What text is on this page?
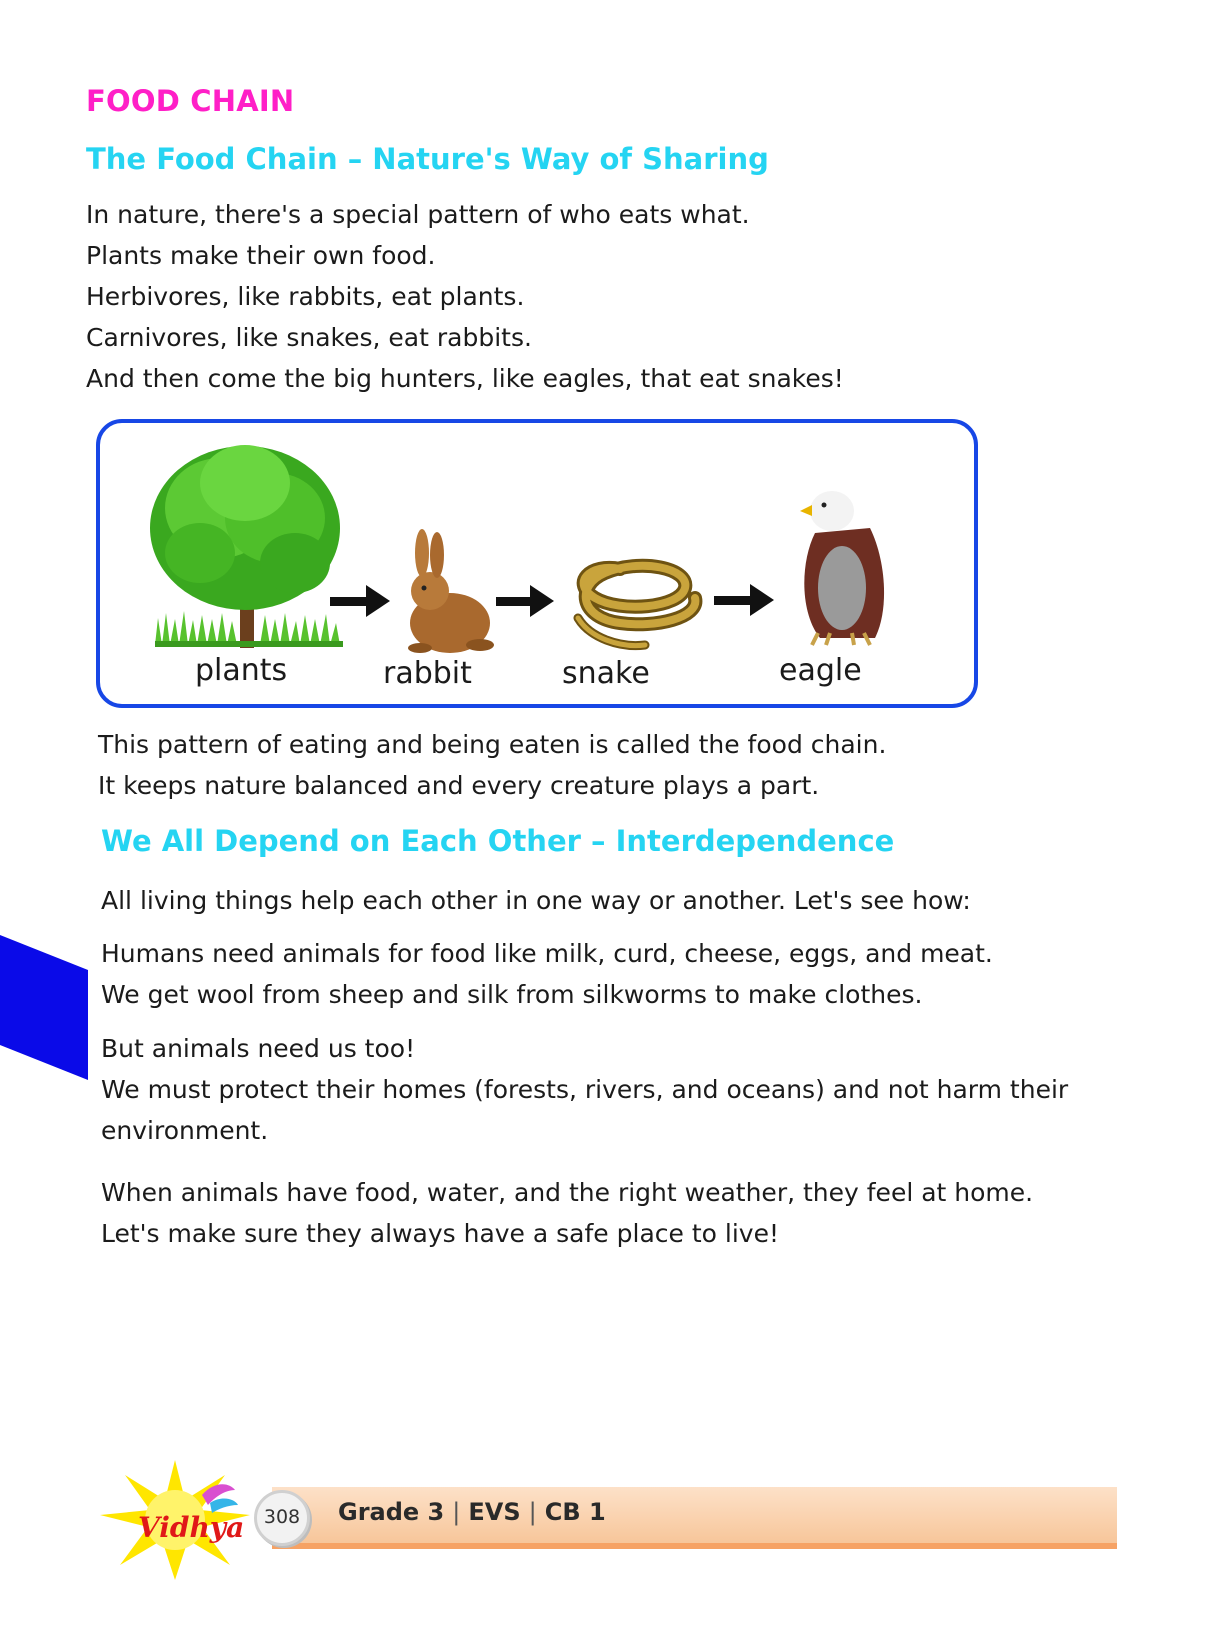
FOOD CHAIN
The Food Chain – Nature's Way of Sharing

In nature, there's a special pattern of who eats what.

Plants make their own food.

Herbivores, like rabbits, eat plants.

Carnivores, like snakes, eat rabbits.

And then come the big hunters, like eagles, that eat snakes!

plants	rabbit	snake	eagle

This pattern of eating and being eaten is called the food chain.

It keeps nature balanced and every creature plays a part.

We All Depend on Each Other – Interdependence

All living things help each other in one way or another. Let's see how:

Humans need animals for food like milk, curd, cheese, eggs, and meat.
We get wool from sheep and silk from silkworms to make clothes.
But animals need us too!
We must protect their homes (forests, rivers, and oceans) and not harm their environment.

When animals have food, water, and the right weather, they feel at home. Let's make sure they always have a safe place to live!

308	Grade 3 | EVS | CB 1
Vidhya
